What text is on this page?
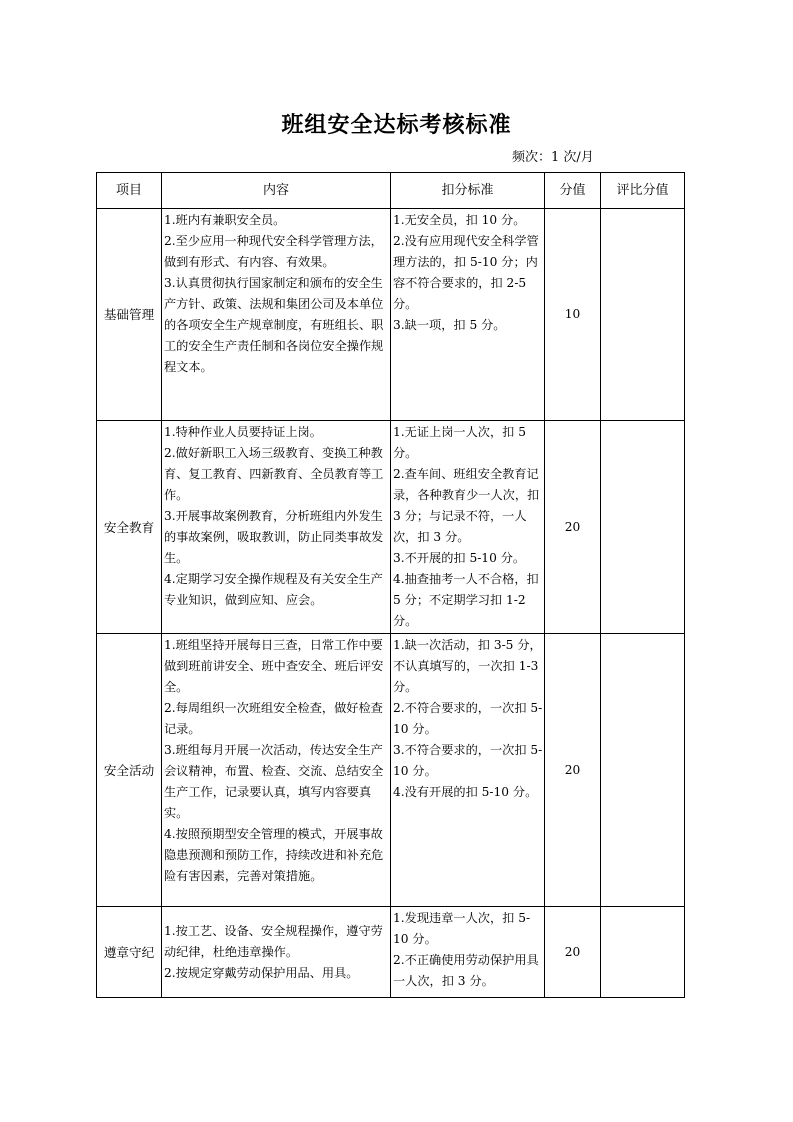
班组安全达标考核标准
频次：1 次/月
项目	内容	扣分标准	分值	评比分值
基础管理	1.班内有兼职安全员。
2.至少应用一种现代安全科学管理方法，做到有形式、有内容、有效果。
3.认真贯彻执行国家制定和颁布的安全生产方针、政策、法规和集团公司及本单位的各项安全生产规章制度，有班组长、职工的安全生产责任制和各岗位安全操作规程文本。	1.无安全员，扣 10 分。
2.没有应用现代安全科学管理方法的，扣 5-10 分；内容不符合要求的，扣 2-5 分。
3.缺一项，扣 5 分。	10	
安全教育	1.特种作业人员要持证上岗。
2.做好新职工入场三级教育、变换工种教育、复工教育、四新教育、全员教育等工作。
3.开展事故案例教育，分析班组内外发生的事故案例，吸取教训，防止同类事故发生。
4.定期学习安全操作规程及有关安全生产专业知识，做到应知、应会。	1.无证上岗一人次，扣 5 分。
2.查车间、班组安全教育记录，各种教育少一人次，扣 3 分；与记录不符，一人次，扣 3 分。
3.不开展的扣 5-10 分。
4.抽查抽考一人不合格，扣 5 分；不定期学习扣 1-2 分。	20	
安全活动	1.班组坚持开展每日三查，日常工作中要做到班前讲安全、班中查安全、班后评安全。
2.每周组织一次班组安全检查，做好检查记录。
3.班组每月开展一次活动，传达安全生产会议精神，布置、检查、交流、总结安全生产工作，记录要认真，填写内容要真实。
4.按照预期型安全管理的模式，开展事故隐患预测和预防工作，持续改进和补充危险有害因素，完善对策措施。	1.缺一次活动，扣 3-5 分，不认真填写的，一次扣 1-3 分。
2.不符合要求的，一次扣 5-10 分。
3.不符合要求的，一次扣 5-10 分。
4.没有开展的扣 5-10 分。	20	
遵章守纪	1.按工艺、设备、安全规程操作，遵守劳动纪律，杜绝违章操作。
2.按规定穿戴劳动保护用品、用具。	1.发现违章一人次，扣 5-10 分。
2.不正确使用劳动保护用具一人次，扣 3 分。	20	
